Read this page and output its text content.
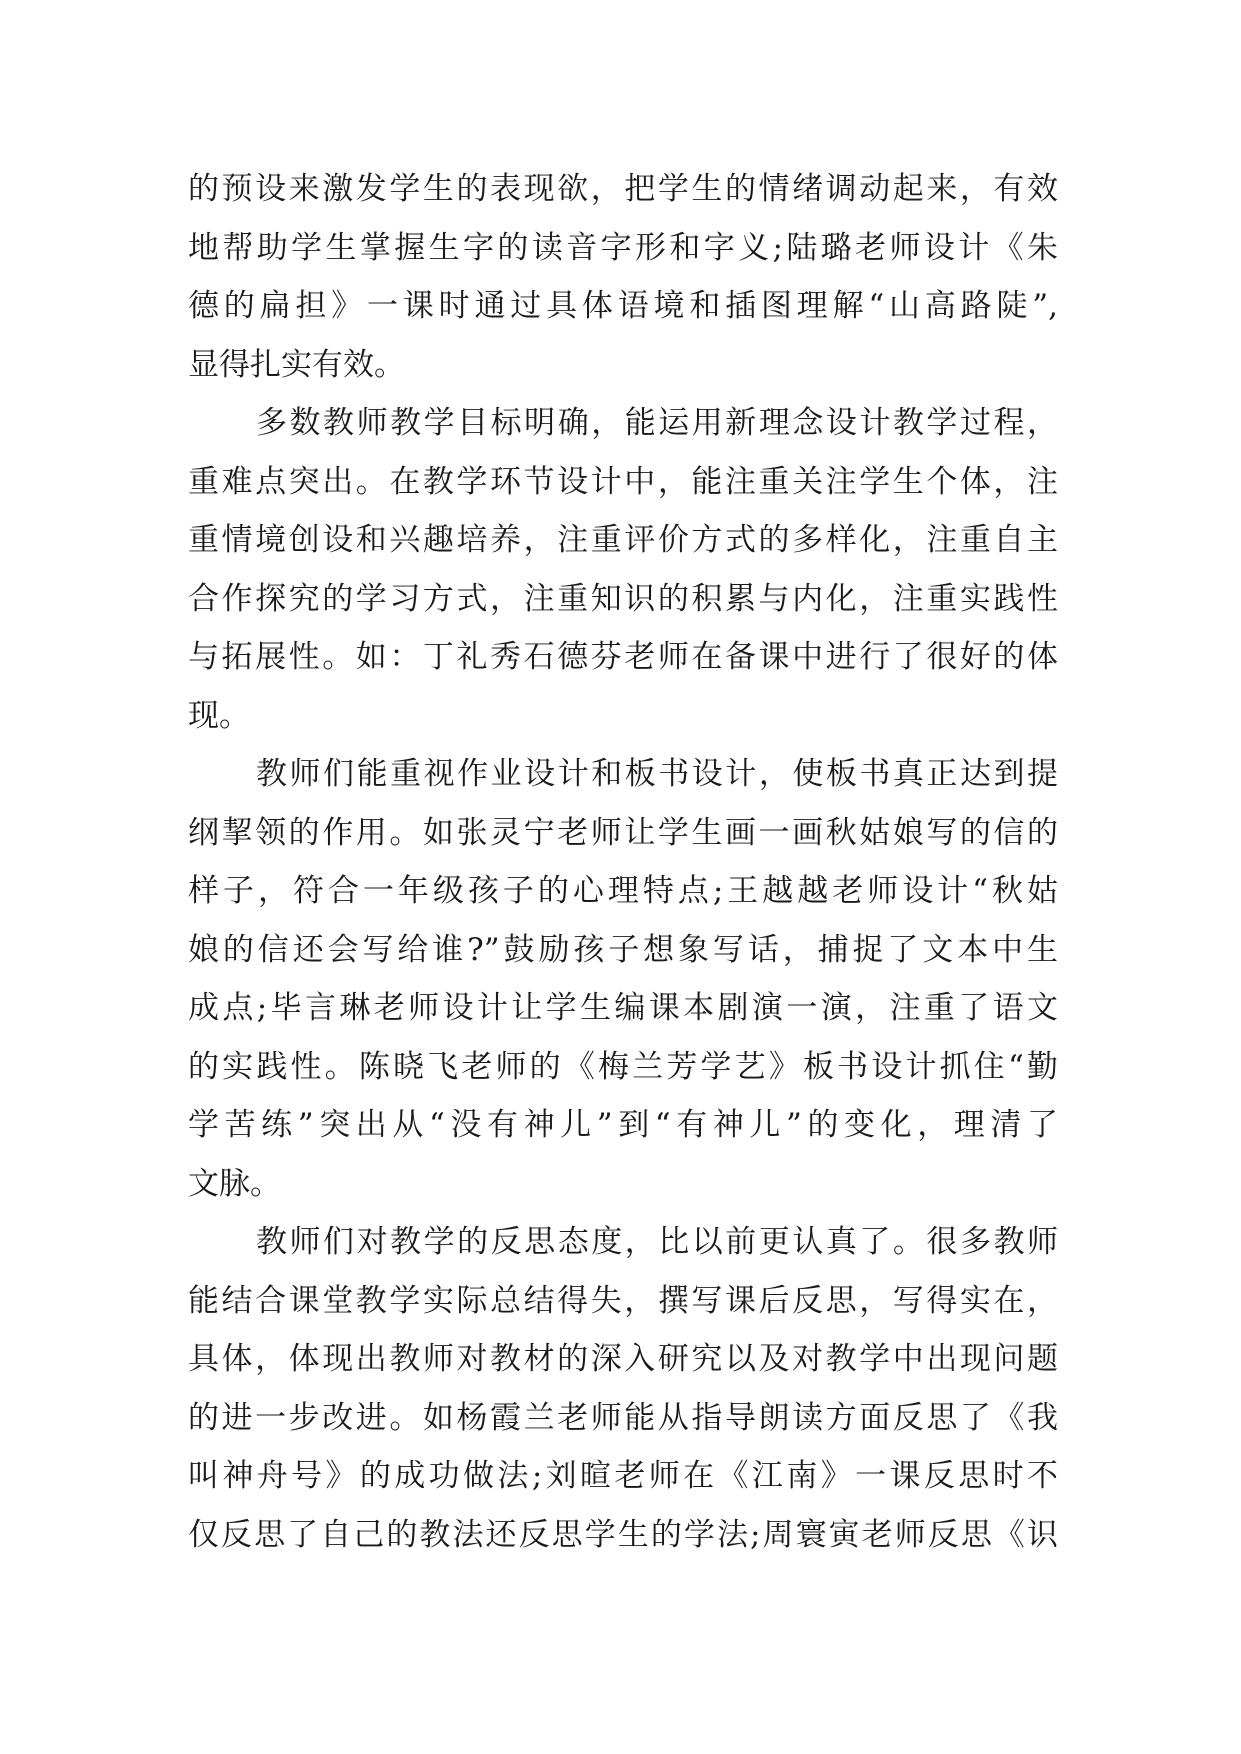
的预设来激发学生的表现欲，把学生的情绪调动起来，有效
地帮助学生掌握生字的读音字形和字义;陆璐老师设计《朱
德的扁担》一课时通过具体语境和插图理解“山高路陡”,
显得扎实有效。
多数教师教学目标明确，能运用新理念设计教学过程，
重难点突出。在教学环节设计中，能注重关注学生个体，注
重情境创设和兴趣培养，注重评价方式的多样化，注重自主
合作探究的学习方式，注重知识的积累与内化，注重实践性
与拓展性。如：丁礼秀石德芬老师在备课中进行了很好的体
现。
教师们能重视作业设计和板书设计，使板书真正达到提
纲挈领的作用。如张灵宁老师让学生画一画秋姑娘写的信的
样子，符合一年级孩子的心理特点;王越越老师设计“秋姑
娘的信还会写给谁?”鼓励孩子想象写话，捕捉了文本中生
成点;毕言琳老师设计让学生编课本剧演一演，注重了语文
的实践性。陈晓飞老师的《梅兰芳学艺》板书设计抓住“勤
学苦练”突出从“没有神儿”到“有神儿”的变化，理清了
文脉。
教师们对教学的反思态度，比以前更认真了。很多教师
能结合课堂教学实际总结得失，撰写课后反思，写得实在，
具体，体现出教师对教材的深入研究以及对教学中出现问题
的进一步改进。如杨霞兰老师能从指导朗读方面反思了《我
叫神舟号》的成功做法;刘暄老师在《江南》一课反思时不
仅反思了自己的教法还反思学生的学法;周寰寅老师反思《识
